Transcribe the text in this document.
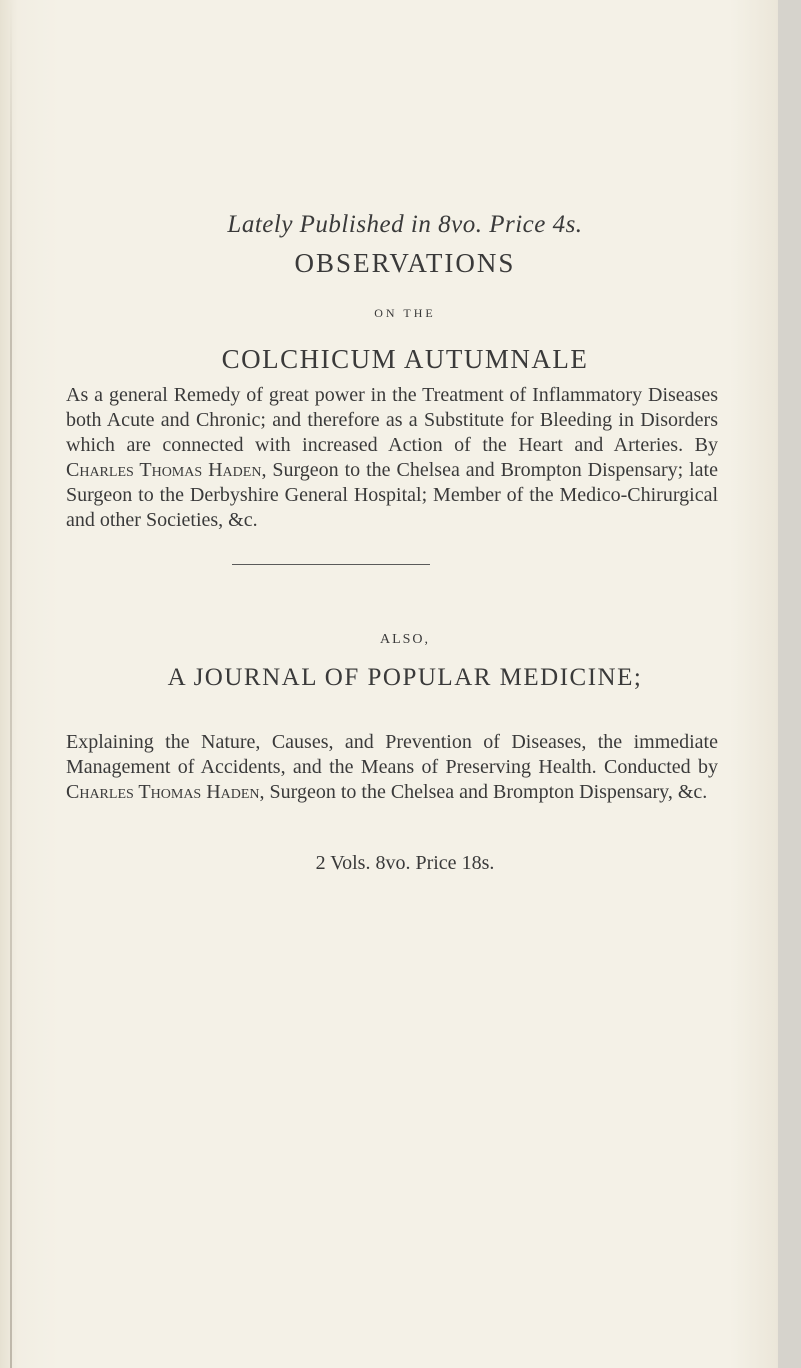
Lately Published in 8vo. Price 4s.
OBSERVATIONS
ON THE
COLCHICUM AUTUMNALE
As a general Remedy of great power in the Treatment of Inflammatory Diseases both Acute and Chronic; and therefore as a Substitute for Bleeding in Disorders which are connected with increased Action of the Heart and Arteries. By Charles Thomas Haden, Surgeon to the Chelsea and Brompton Dispensary; late Surgeon to the Derbyshire General Hospital; Member of the Medico-Chirurgical and other Societies, &c.
ALSO,
A JOURNAL OF POPULAR MEDICINE;
Explaining the Nature, Causes, and Prevention of Diseases, the immediate Management of Accidents, and the Means of Preserving Health. Conducted by Charles Thomas Haden, Surgeon to the Chelsea and Brompton Dispensary, &c.
2 Vols. 8vo. Price 18s.
